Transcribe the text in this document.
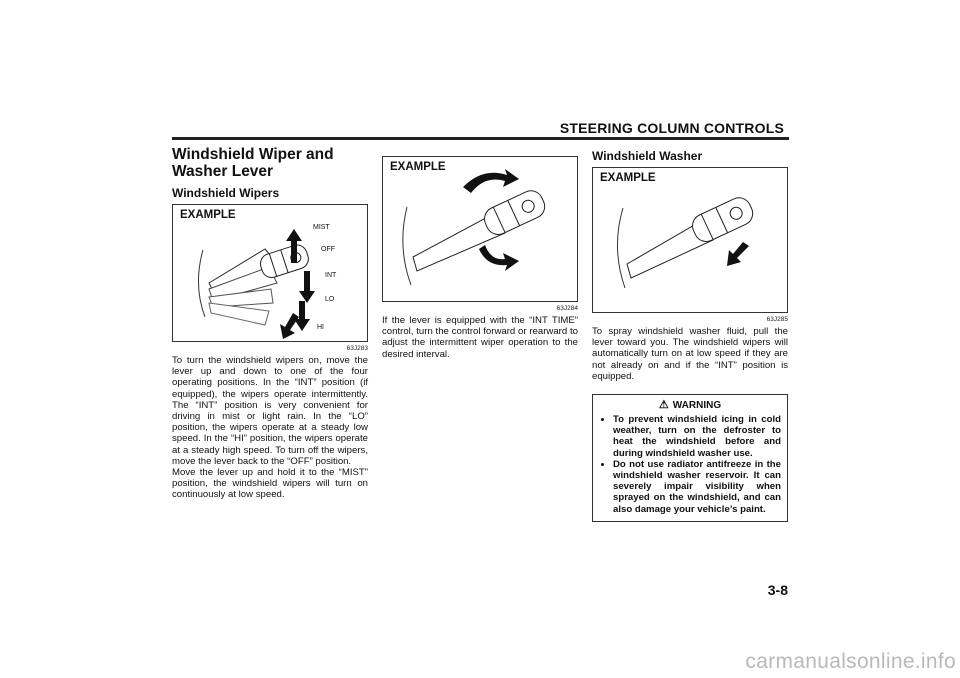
STEERING COLUMN CONTROLS
Windshield Wiper and Washer Lever
Windshield Wipers
EXAMPLE
MIST
OFF
INT
LO
HI
63J283

To turn the windshield wipers on, move the lever up and down to one of the four operating positions. In the “INT” position (if equipped), the wipers operate intermittently. The “INT” position is very convenient for driving in mist or light rain. In the “LO” position, the wipers operate at a steady low speed. In the “HI” position, the wipers operate at a steady high speed. To turn off the wipers, move the lever back to the “OFF” position.

Move the lever up and hold it to the “MIST” position, the windshield wipers will turn on continuously at low speed.

EXAMPLE
63J284

If the lever is equipped with the “INT TIME” control, turn the control forward or rearward to adjust the intermittent wiper operation to the desired interval.

Windshield Washer
EXAMPLE
63J285

To spray windshield washer fluid, pull the lever toward you. The windshield wipers will automatically turn on at low speed if they are not already on and if the “INT” position is equipped.

⚠ WARNING
• To prevent windshield icing in cold weather, turn on the defroster to heat the windshield before and during windshield washer use.
• Do not use radiator antifreeze in the windshield washer reservoir. It can severely impair visibility when sprayed on the windshield, and can also damage your vehicle’s paint.
3-8
carmanualsonline.info
